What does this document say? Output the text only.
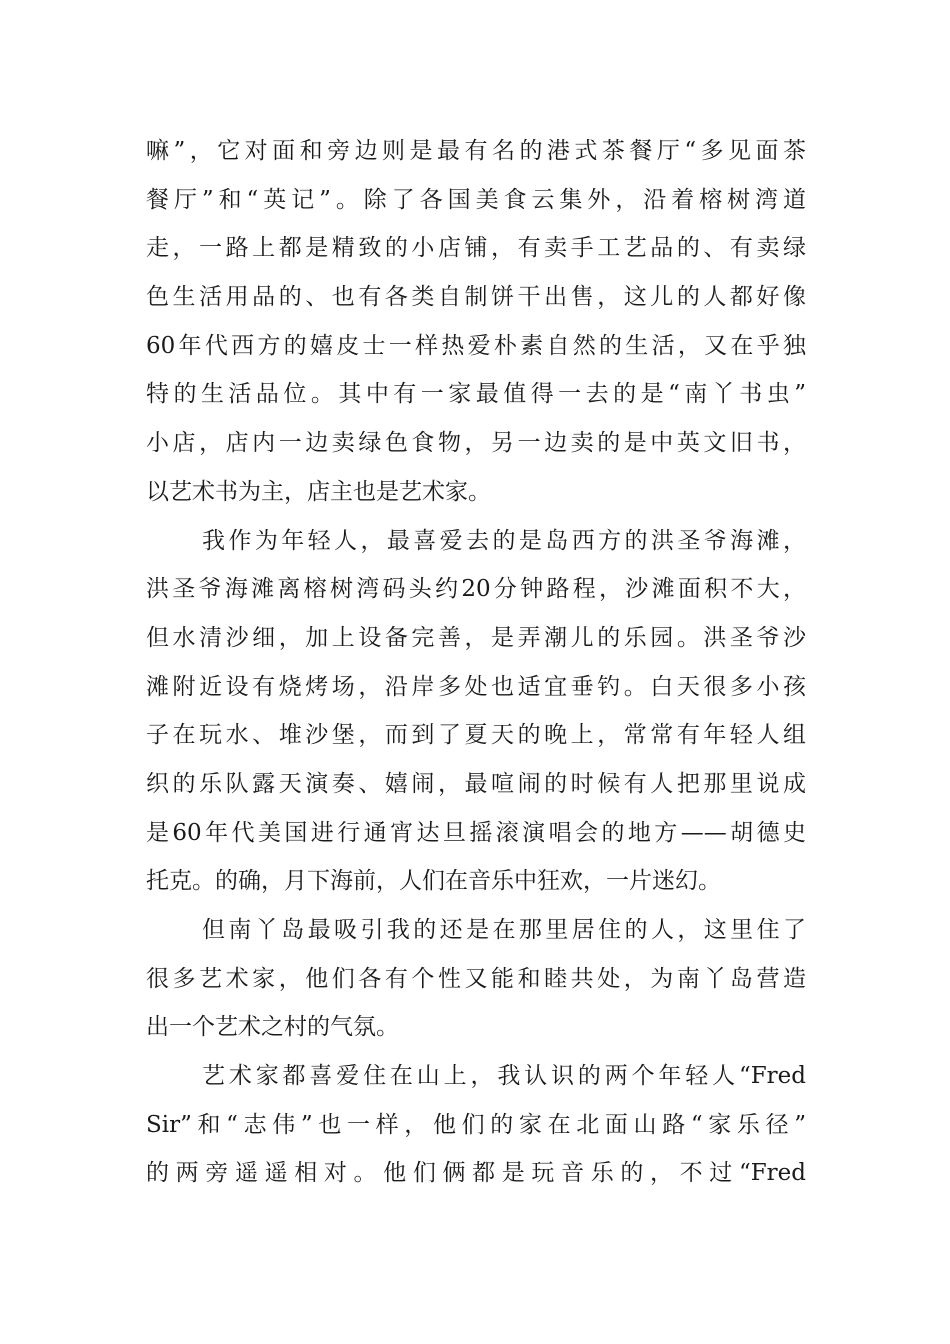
嘛”，它对面和旁边则是最有名的港式茶餐厅“多见面茶
餐厅”和“英记”。除了各国美食云集外，沿着榕树湾道
走，一路上都是精致的小店铺，有卖手工艺品的、有卖绿
色生活用品的、也有各类自制饼干出售，这儿的人都好像
60年代西方的嬉皮士一样热爱朴素自然的生活，又在乎独
特的生活品位。其中有一家最值得一去的是“南丫书虫”
小店，店内一边卖绿色食物，另一边卖的是中英文旧书，
以艺术书为主，店主也是艺术家。
我作为年轻人，最喜爱去的是岛西方的洪圣爷海滩，
洪圣爷海滩离榕树湾码头约20分钟路程，沙滩面积不大，
但水清沙细，加上设备完善，是弄潮儿的乐园。洪圣爷沙
滩附近设有烧烤场，沿岸多处也适宜垂钓。白天很多小孩
子在玩水、堆沙堡，而到了夏天的晚上，常常有年轻人组
织的乐队露天演奏、嬉闹，最喧闹的时候有人把那里说成
是60年代美国进行通宵达旦摇滚演唱会的地方——胡德史
托克。的确，月下海前，人们在音乐中狂欢，一片迷幻。
但南丫岛最吸引我的还是在那里居住的人，这里住了
很多艺术家，他们各有个性又能和睦共处，为南丫岛营造
出一个艺术之村的气氛。
艺术家都喜爱住在山上，我认识的两个年轻人“Fred
Sir”和“志伟”也一样，他们的家在北面山路“家乐径”
的两旁遥遥相对。他们俩都是玩音乐的，不过“Fred
